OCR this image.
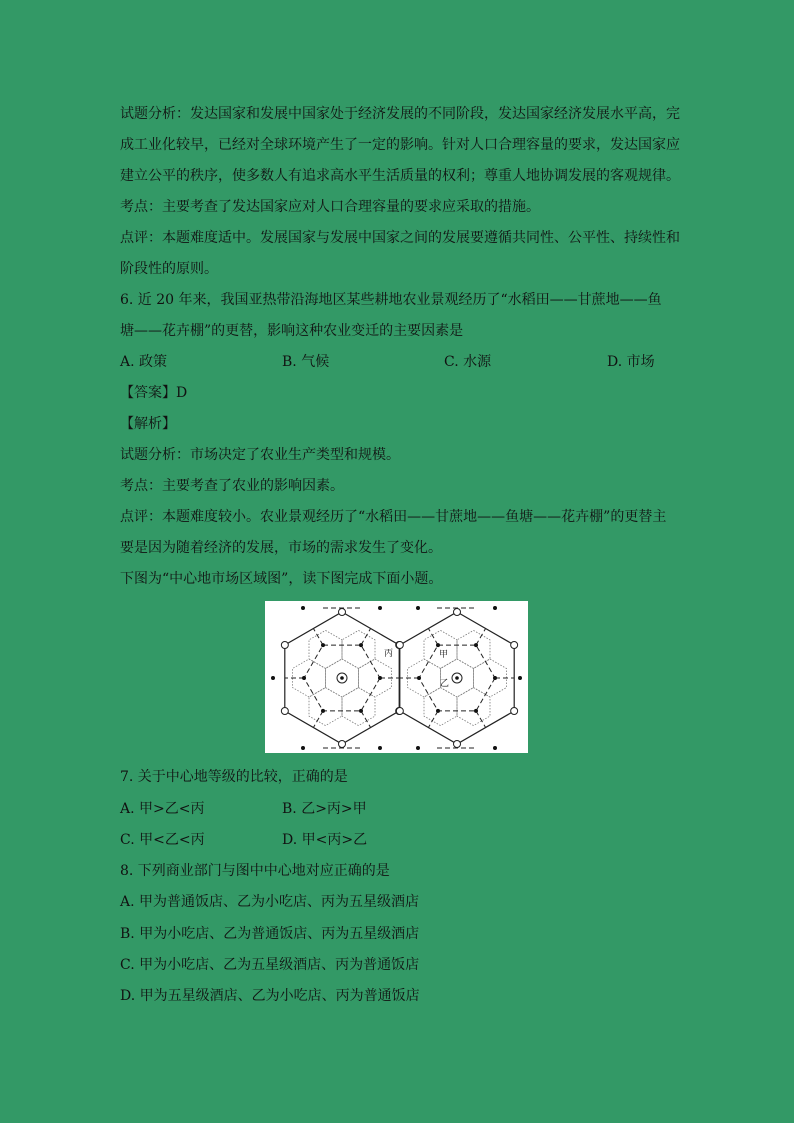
试题分析：发达国家和发展中国家处于经济发展的不同阶段，发达国家经济发展水平高，完
成工业化较早，已经对全球环境产生了一定的影响。针对人口合理容量的要求，发达国家应
建立公平的秩序，使多数人有追求高水平生活质量的权利；尊重人地协调发展的客观规律。
考点：主要考查了发达国家应对人口合理容量的要求应采取的措施。
点评：本题难度适中。发展国家与发展中国家之间的发展要遵循共同性、公平性、持续性和
阶段性的原则。
6. 近 20 年来，我国亚热带沿海地区某些耕地农业景观经历了“水稻田——甘蔗地——鱼
塘——花卉棚”的更替，影响这种农业变迁的主要因素是
A. 政策	B. 气候	C. 水源	D. 市场
【答案】D
【解析】
试题分析：市场决定了农业生产类型和规模。
考点：主要考查了农业的影响因素。
点评：本题难度较小。农业景观经历了“水稻田——甘蔗地——鱼塘——花卉棚”的更替主
要是因为随着经济的发展，市场的需求发生了变化。
下图为“中心地市场区域图”，读下图完成下面小题。
丙	甲
乙
7. 关于中心地等级的比较，正确的是
A. 甲>乙<丙	B. 乙>丙>甲
C. 甲<乙<丙	D. 甲<丙>乙
8. 下列商业部门与图中中心地对应正确的是
A. 甲为普通饭店、乙为小吃店、丙为五星级酒店
B. 甲为小吃店、乙为普通饭店、丙为五星级酒店
C. 甲为小吃店、乙为五星级酒店、丙为普通饭店
D. 甲为五星级酒店、乙为小吃店、丙为普通饭店
